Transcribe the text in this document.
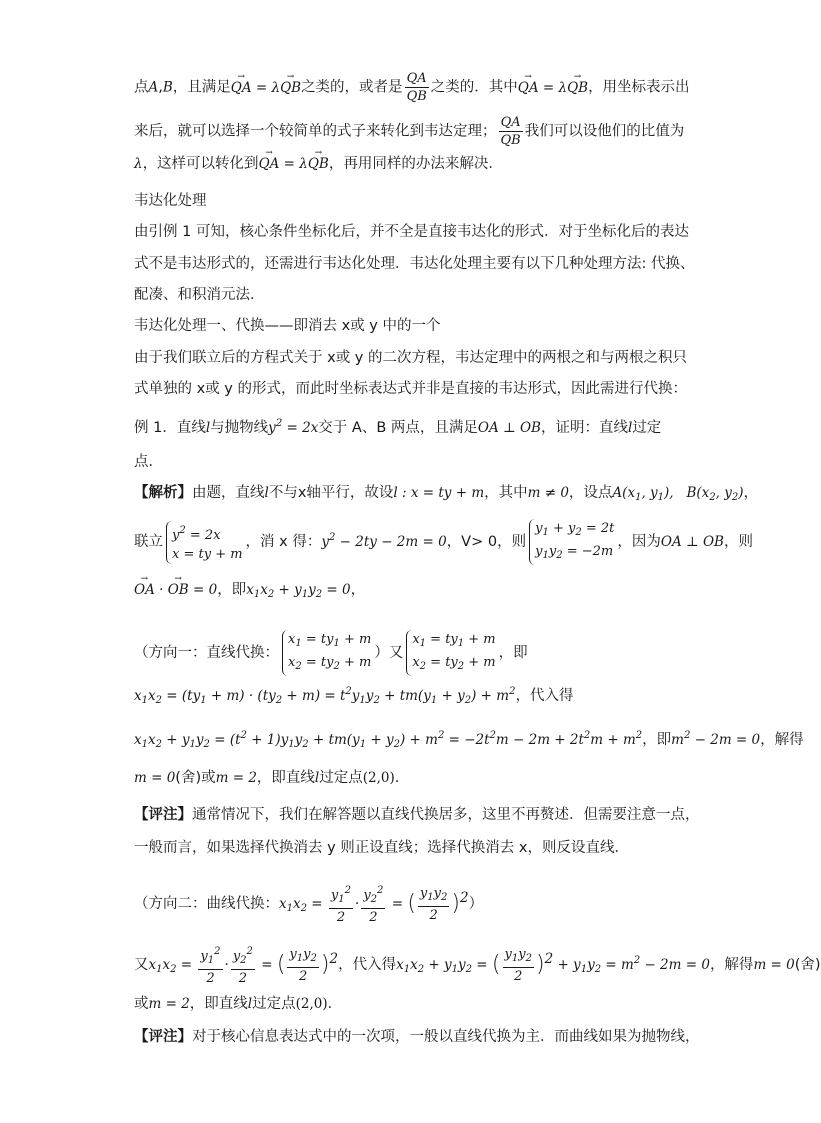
点A,B，且满足→ QA = λ→ QB之类的，或者是 $\frac{QA}{QB}$ 之类的．其中→ QA = λ→ QB，用坐标表示出
来后，就可以选择一个较简单的式子来转化到韦达定理； $\frac{QA}{QB}$ 我们可以设他们的比值为
λ，这样可以转化到→ QA = λ→ QB，再用同样的办法来解决．
韦达化处理
由引例 1 可知，核心条件坐标化后，并不全是直接韦达化的形式．对于坐标化后的表达
式不是韦达形式的，还需进行韦达化处理．韦达化处理主要有以下几种处理方法: 代换、
配凑、和积消元法．
韦达化处理一、代换——即消去 x或 y 中的一个
由于我们联立后的方程式关于 x或 y 的二次方程，韦达定理中的两根之和与两根之积只
式单独的 x或 y 的形式，而此时坐标表达式并非是直接的韦达形式，因此需进行代换：
例 1．直线l与抛物线$y^2 = 2x$交于 A、B 两点，且满足OA ⊥ OB，证明：直线l过定
点．
【解析】由题，直线l不与x轴平行，故设l : x = ty + m，其中m ≠ 0，设点$A(x_1$, $y_1$),   $B(x_2$, $y_2$)，
联立 $y^2 = 2x$
x = ty + m
，消 x 得：$y^2 - 2ty - 2m = 0$，V> 0，则
$y_1 + y_2 = 2t$
$y_1y_2 = -2m$
，因为OA ⊥ OB，则
→ OA · → OB = 0，即$x_1x_2 + y_1y_2 = 0$，
（方向一：直线代换：
$x_1 = ty_1 + m$
$x_2 = ty_2 + m$
）又
$x_1 = ty_1 + m$
$x_2 = ty_2 + m$
，即
$x_1x_2 = (ty_1 + m) \cdot (ty_2 + m) = t^2y_1y_2 + tm(y_1 + y_2) + m^2$，代入得
$x_1x_2 + y_1y_2 = (t^2 + 1)y_1y_2 + tm(y_1 + y_2) + m^2 = -2t^2m - 2m + 2t^2m + m^2$，即$m^2 - 2m = 0$，解得
m = 0(舍)或m = 2，即直线l过定点(2,0).
【评注】通常情况下，我们在解答题以直线代换居多，这里不再赘述．但需要注意一点，
一般而言，如果选择代换消去 y 则正设直线；选择代换消去 x，则反设直线．
（方向二：曲线代换：$x_1x_2 = \frac{y_1^2}{2} \cdot \frac{y_2^2}{2}$ = ( $\frac{y_1y_2}{2} )^2$）
又$x_1x_2 = \frac{y_1^2}{2} \cdot \frac{y_2^2}{2}$ = ( $\frac{y_1y_2}{2} )^2$，代入得$x_1x_2 + y_1y_2$ = ( $\frac{y_1y_2}{2} )^2 + y_1y_2 = m^2 - 2m = 0$，解得m = 0(舍)
或m = 2，即直线l过定点(2,0)．
【评注】对于核心信息表达式中的一次项，一般以直线代换为主．而曲线如果为抛物线，
